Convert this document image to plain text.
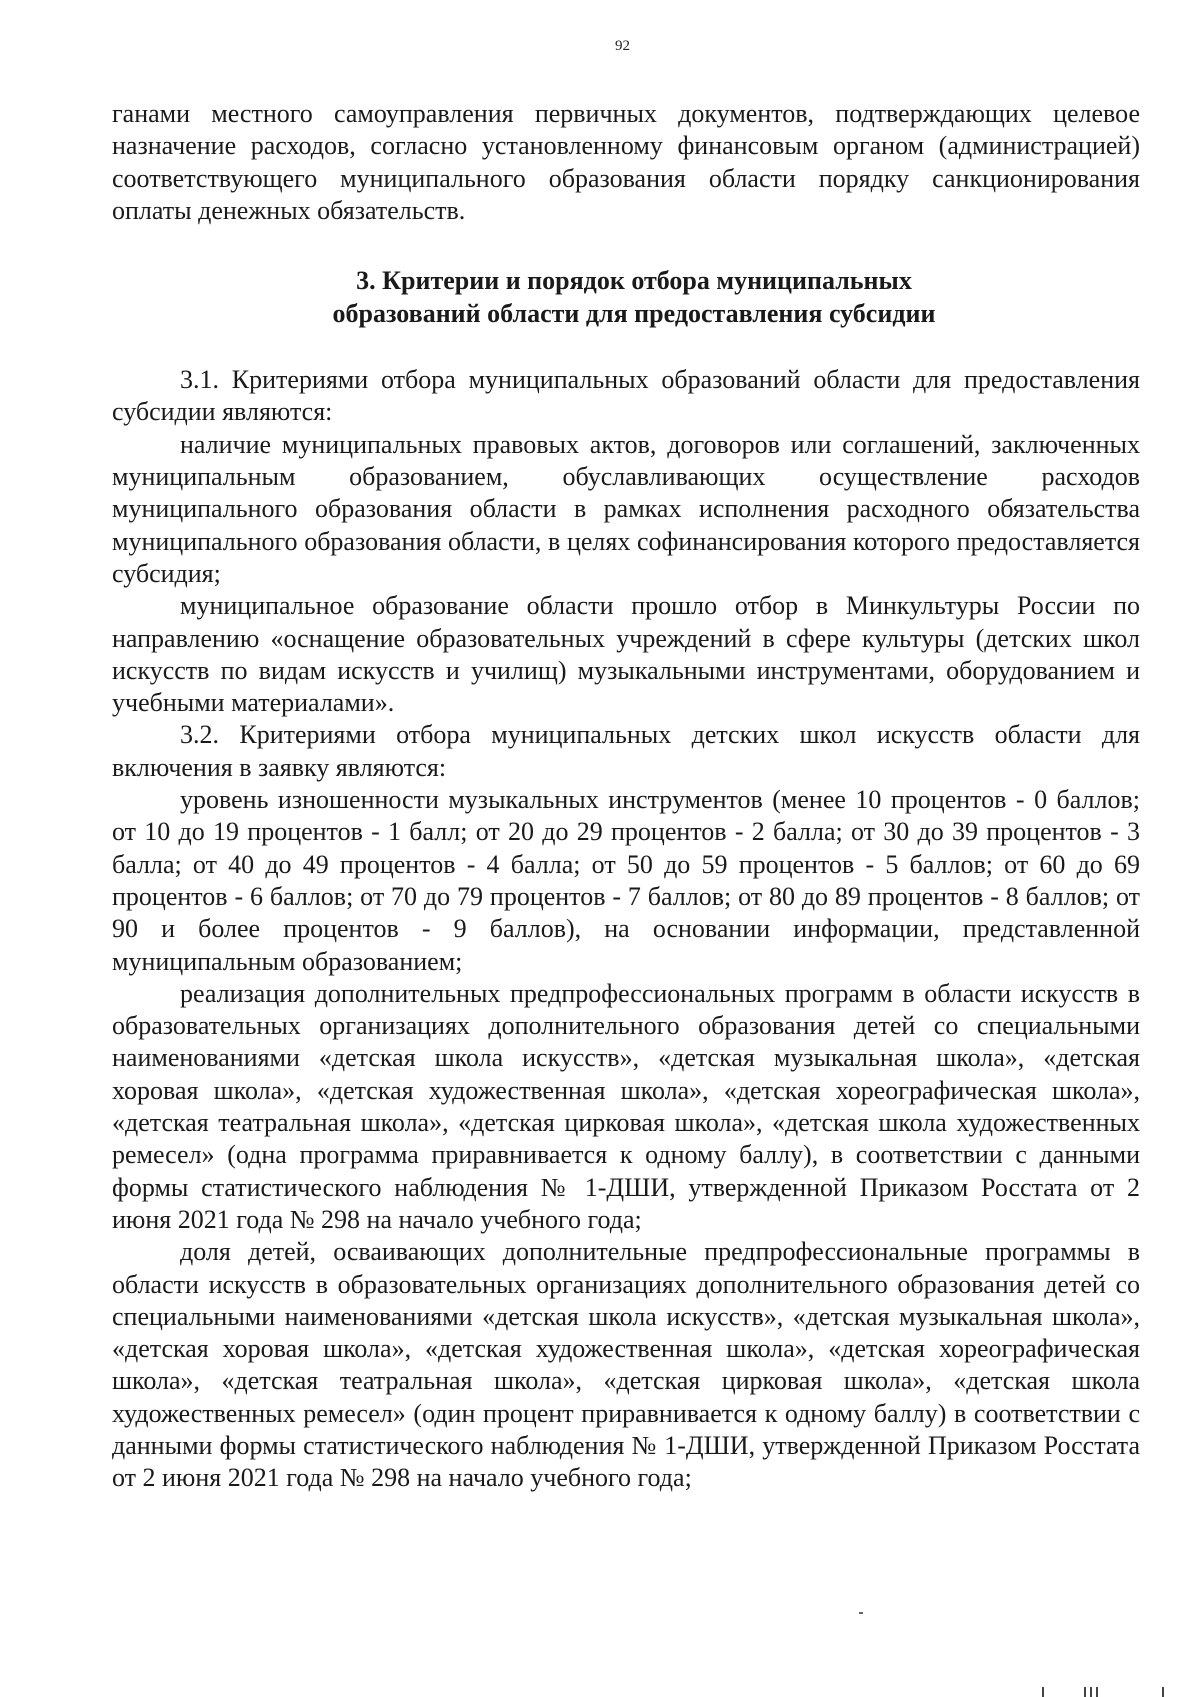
92

ганами местного самоуправления первичных документов, подтверждающих целевое назначение расходов, согласно установленному финансовым органом (администрацией) соответствующего муниципального образования области порядку санкционирования оплаты денежных обязательств.

3. Критерии и порядок отбора муниципальных
образований области для предоставления субсидии

3.1. Критериями отбора муниципальных образований области для предоставления субсидии являются:

наличие муниципальных правовых актов, договоров или соглашений, заключенных муниципальным образованием, обуславливающих осуществление расходов муниципального образования области в рамках исполнения расходного обязательства муниципального образования области, в целях софинансирования которого предоставляется субсидия;

муниципальное образование области прошло отбор в Минкультуры России по направлению «оснащение образовательных учреждений в сфере культуры (детских школ искусств по видам искусств и училищ) музыкальными инструментами, оборудованием и учебными материалами».

3.2. Критериями отбора муниципальных детских школ искусств области для включения в заявку являются:

уровень изношенности музыкальных инструментов (менее 10 процентов - 0 баллов; от 10 до 19 процентов - 1 балл; от 20 до 29 процентов - 2 балла; от 30 до 39 процентов - 3 балла; от 40 до 49 процентов - 4 балла; от 50 до 59 процентов - 5 баллов; от 60 до 69 процентов - 6 баллов; от 70 до 79 процентов - 7 баллов; от 80 до 89 процентов - 8 баллов; от 90 и более процентов - 9 баллов), на основании информации, представленной муниципальным образованием;

реализация дополнительных предпрофессиональных программ в области искусств в образовательных организациях дополнительного образования детей со специальными наименованиями «детская школа искусств», «детская музыкальная школа», «детская хоровая школа», «детская художественная школа», «детская хореографическая школа», «детская театральная школа», «детская цирковая школа», «детская школа художественных ремесел» (одна программа приравнивается к одному баллу), в соответствии с данными формы статистического наблюдения № 1-ДШИ, утвержденной Приказом Росстата от 2 июня 2021 года № 298 на начало учебного года;

доля детей, осваивающих дополнительные предпрофессиональные программы в области искусств в образовательных организациях дополнительного образования детей со специальными наименованиями «детская школа искусств», «детская музыкальная школа», «детская хоровая школа», «детская художественная школа», «детская хореографическая школа», «детская театральная школа», «детская цирковая школа», «детская школа художественных ремесел» (один процент приравнивается к одному баллу) в соответствии с данными формы статистического наблюдения № 1-ДШИ, утвержденной Приказом Росстата от 2 июня 2021 года № 298 на начало учебного года;
